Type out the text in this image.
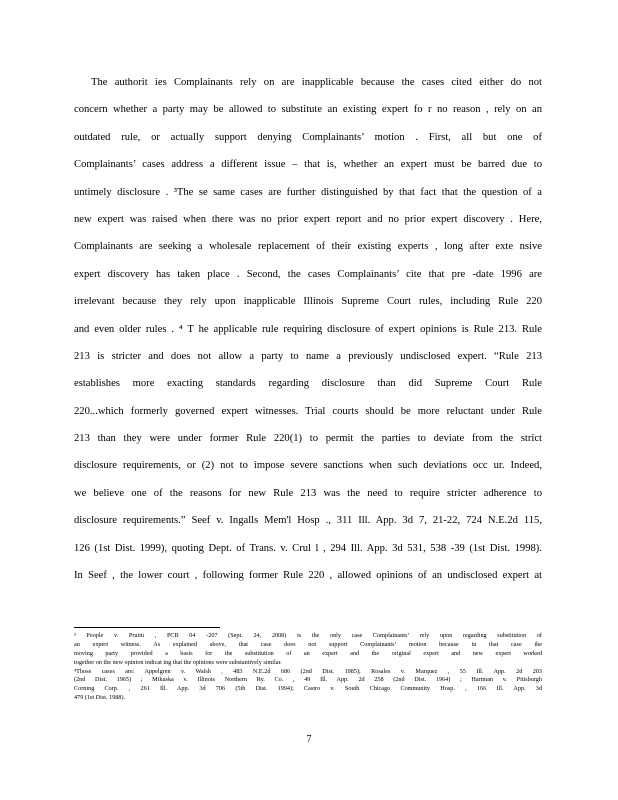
The authorit ies Complainants rely on are inapplicable because the cases cited either do not
concern whether a party may be allowed to substitute an existing expert fo r no reason , rely on an
outdated rule, or actually support denying Complainants’ motion . First, all but one of
Complainants’ cases address a different issue – that is, whether an expert must be barred due to
untimely disclosure . ³The se same cases are further distinguished by that fact that the question of a
new expert was raised when there was no prior expert report and no prior expert discovery . Here,
Complainants are seeking a wholesale replacement of their existing experts , long after exte nsive
expert discovery has taken place . Second, the cases Complainants’ cite that pre -date 1996 are
irrelevant because they rely upon inapplicable Illinois Supreme Court rules, including Rule 220
and even older rules . ⁴ T he applicable rule requiring disclosure of expert opinions is Rule 213. Rule
213 is stricter and does not allow a party to name a previously undisclosed expert. “Rule 213
establishes more exacting standards regarding disclosure than did Supreme Court Rule
220...which formerly governed expert witnesses. Trial courts should be more reluctant under Rule
213 than they were under former Rule 220(1) to permit the parties to deviate from the strict
disclosure requirements, or (2) not to impose severe sanctions when such deviations occ ur. Indeed,
we believe one of the reasons for new Rule 213 was the need to require stricter adherence to
disclosure requirements.” Seef v. Ingalls Mem'l Hosp ., 311 Ill. App. 3d 7, 21-22, 724 N.E.2d 115,
126 (1st Dist. 1999), quoting Dept. of Trans. v. Crul l , 294 Ill. App. 3d 531, 538 -39 (1st Dist. 1998).
In Seef , the lower court , following former Rule 220 , allowed opinions of an undisclosed expert at
³ People v. Pruim , PCB 04 -207 (Sept. 24, 2008) is the only case Complainants’ rely upon regarding substitution of
an expert witness. As explained above, that case does not support Complainants’ motion because in that case the
moving party provided a basis for the substitution of an expert and the original expert and new expert worked
together on the new opinion indicat ing that the opinions were substantively similar.
⁴Those cases are: Appelgren v. Walsh , 483 N.E.2d 686 (2nd Dist. 1985); Rosales v. Marquez , 55 Ill. App. 2d 203
(2nd Dist. 1965) ; Mikuska v. Illinois Northern Ry. Co. , 49 Ill. App. 2d 258 (2nd Dist. 1964) ; Hartman v. Pittsburgh
Corning Corp. , 261 Ill. App. 3d 706 (5th Dist. 1994); Castro v. South Chicago Community Hosp. , 166 Ill. App. 3d
479 (1st Dist. 1988).
7
